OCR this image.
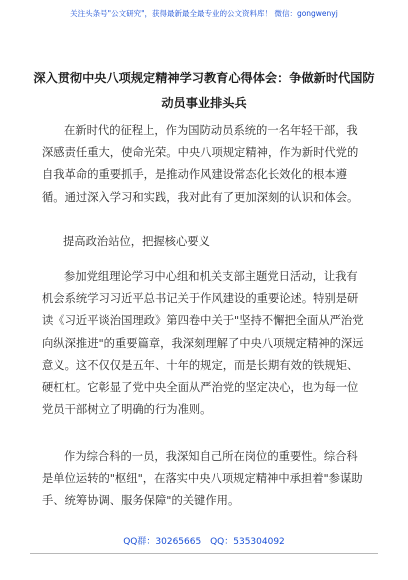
关注头条号"公文研究"，获得最新最全最专业的公文资料库！ 微信：gongwenyj
深入贯彻中央八项规定精神学习教育心得体会：争做新时代国防动员事业排头兵
在新时代的征程上，作为国防动员系统的一名年轻干部，我深感责任重大，使命光荣。中央八项规定精神，作为新时代党的自我革命的重要抓手，是推动作风建设常态化长效化的根本遵循。通过深入学习和实践，我对此有了更加深刻的认识和体会。
提高政治站位，把握核心要义
参加党组理论学习中心组和机关支部主题党日活动，让我有机会系统学习习近平总书记关于作风建设的重要论述。特别是研读《习近平谈治国理政》第四卷中关于"坚持不懈把全面从严治党向纵深推进"的重要篇章，我深刻理解了中央八项规定精神的深远意义。这不仅仅是五年、十年的规定，而是长期有效的铁规矩、硬杠杠。它彰显了党中央全面从严治党的坚定决心，也为每一位党员干部树立了明确的行为准则。
作为综合科的一员，我深知自己所在岗位的重要性。综合科是单位运转的"枢纽"，在落实中央八项规定精神中承担着"参谋助手、统筹协调、服务保障"的关键作用。
QQ群：30265665 QQ：535304092
